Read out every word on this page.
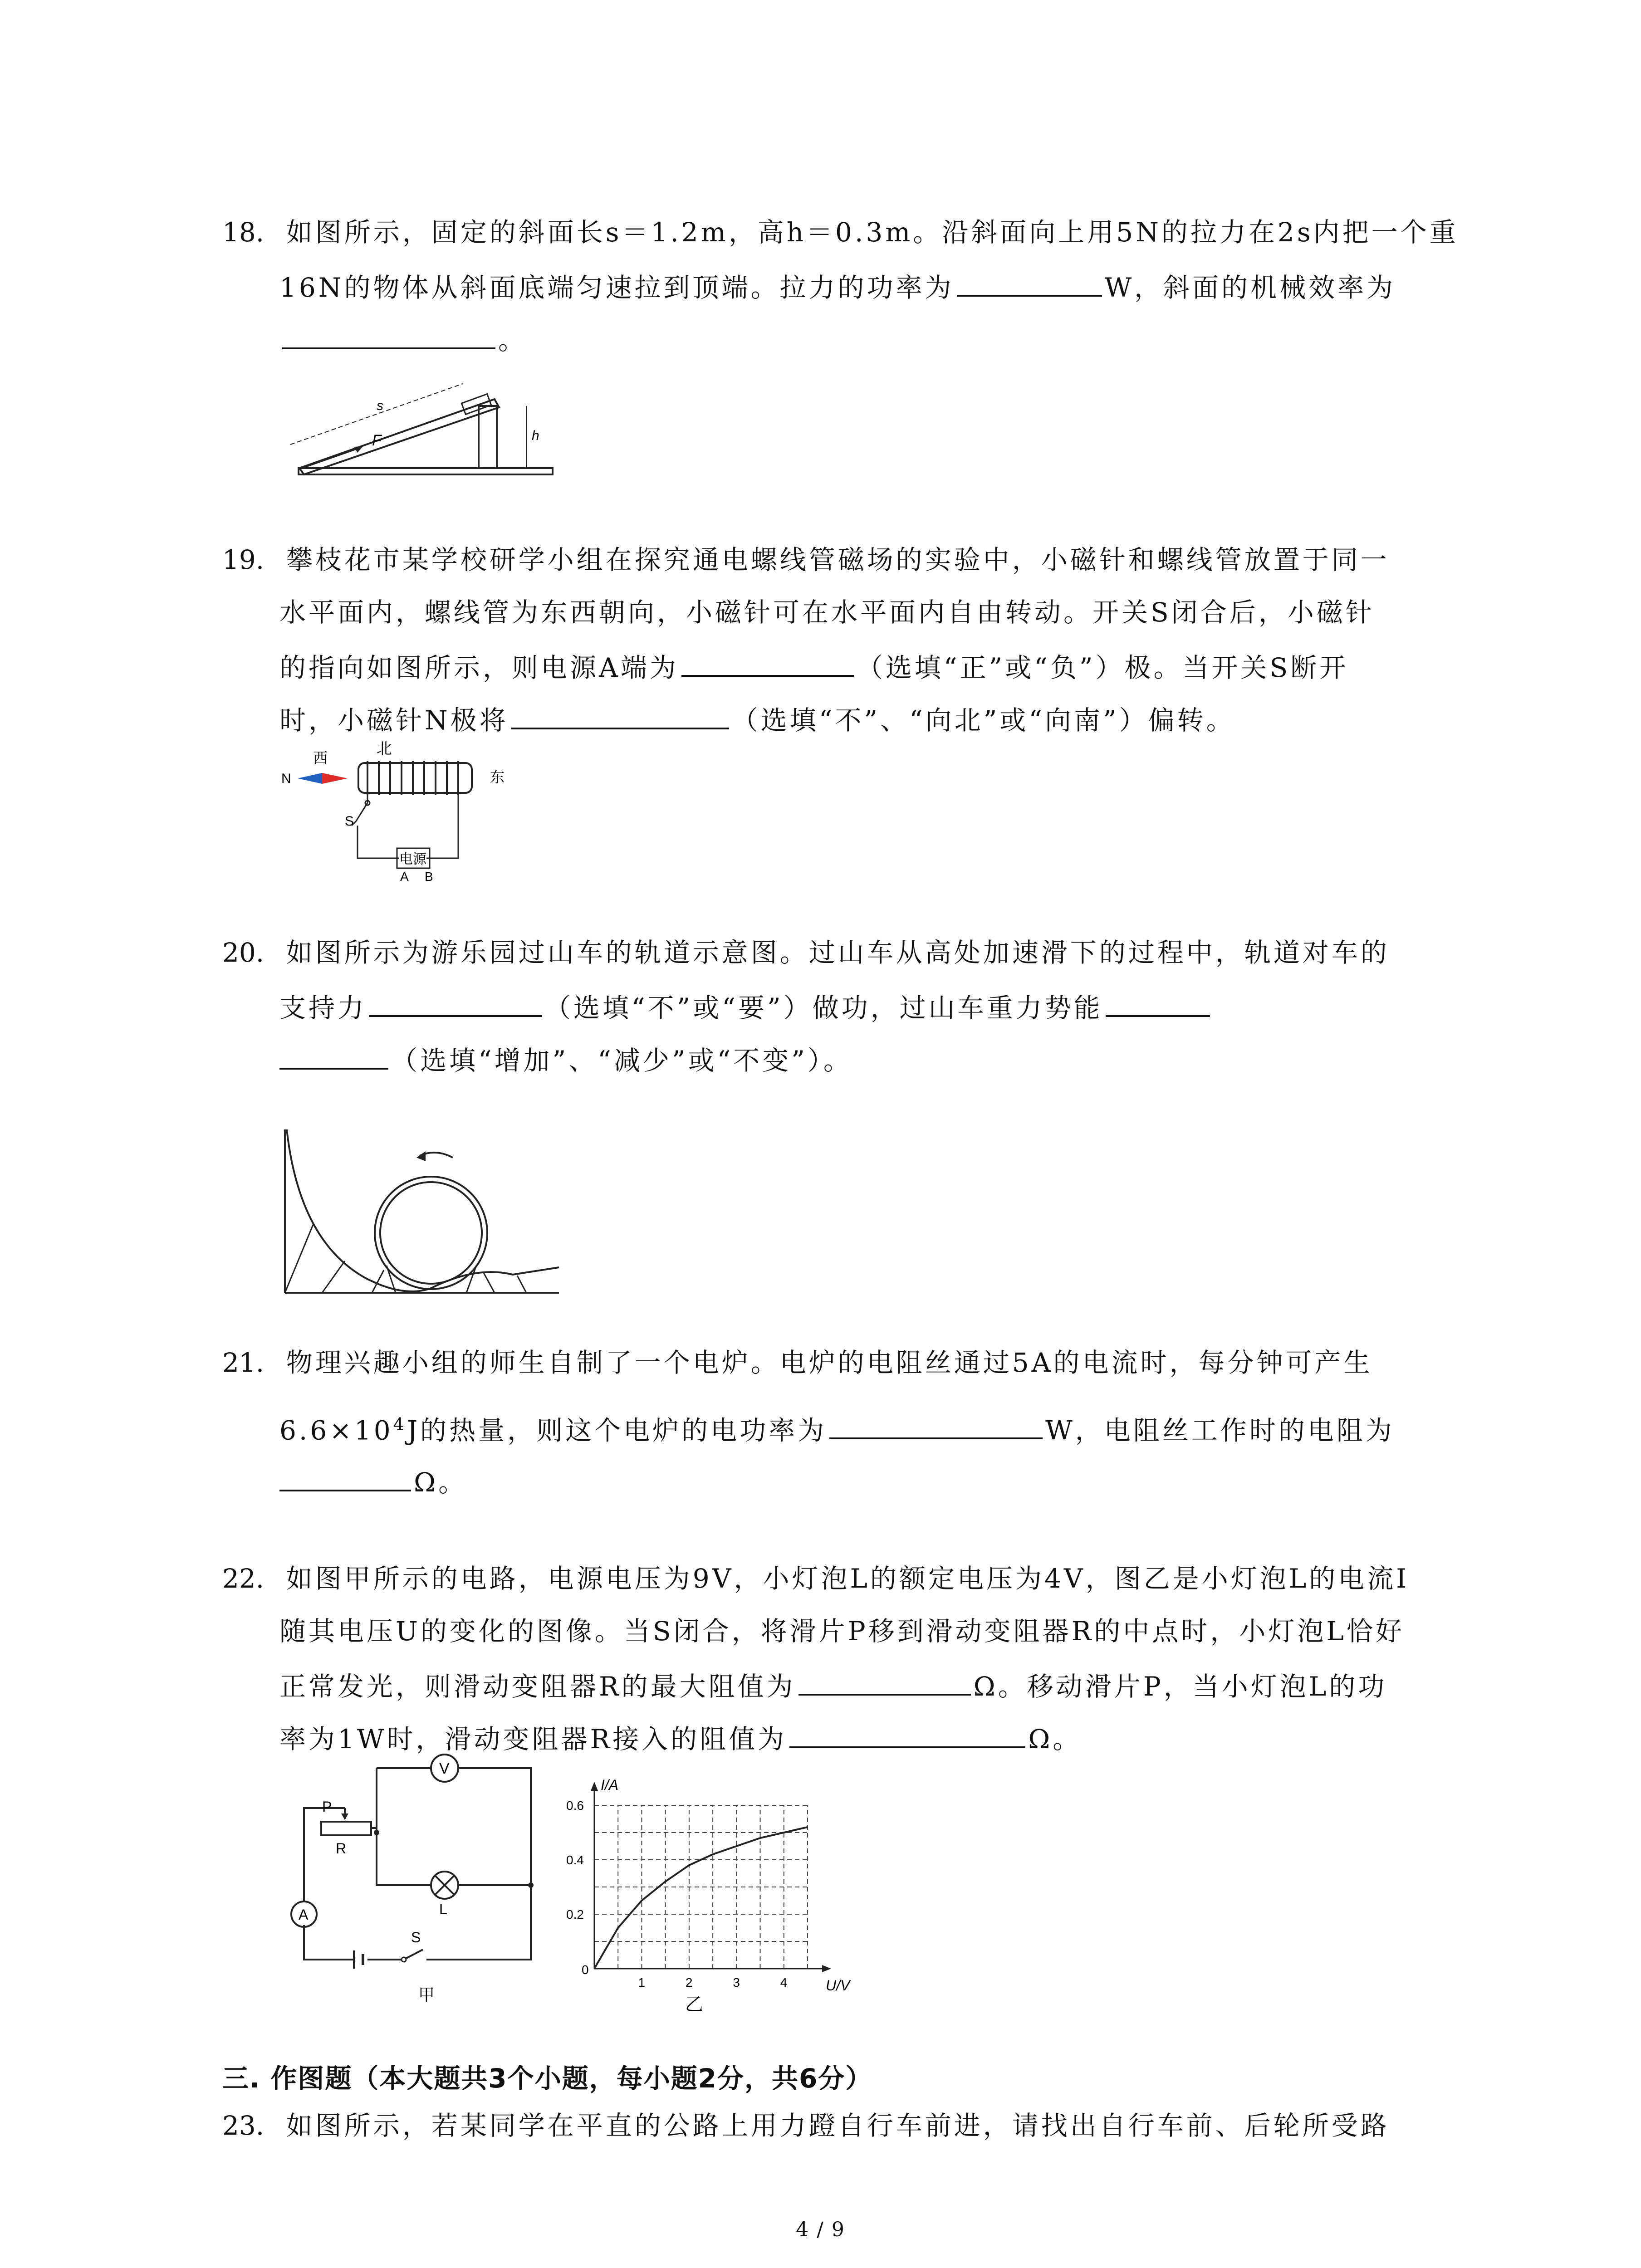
18. 如图所示，固定的斜面长s＝1.2m，高h＝0.3m。沿斜面向上用5N的拉力在2s内把一个重
16N的物体从斜面底端匀速拉到顶端。拉力的功率为	W，斜面的机械效率为
。
F
s
h
19. 攀枝花市某学校研学小组在探究通电螺线管磁场的实验中，小磁针和螺线管放置于同一
水平面内，螺线管为东西朝向，小磁针可在水平面内自由转动。开关S闭合后，小磁针
的指向如图所示，则电源A端为	（选填“正”或“负”）极。当开关S断开
时，小磁针N极将	（选填“不”、“向北”或“向南”）偏转。
北
西
N	东
S
电源
A B
20. 如图所示为游乐园过山车的轨道示意图。过山车从高处加速滑下的过程中，轨道对车的
支持力	（选填“不”或“要”）做功，过山车重力势能
（选填“增加”、“减少”或“不变”）。
21. 物理兴趣小组的师生自制了一个电炉。电炉的电阻丝通过5A的电流时，每分钟可产生
$6.6\times 10^4J$的热量，则这个电炉的电功率为	W，电阻丝工作时的电阻为
Ω。
22. 如图甲所示的电路，电源电压为9V，小灯泡L的额定电压为4V，图乙是小灯泡L的电流I
随其电压U的变化的图像。当S闭合，将滑片P移到滑动变阻器R的中点时，小灯泡L恰好
正常发光，则滑动变阻器R的最大阻值为	Ω。移动滑片P，当小灯泡L的功
率为1W时，滑动变阻器R接入的阻值为	Ω。
V
A
P
R
L
S
甲
1	2	3	4
0.2
0.4
0.6
0
I/A
U/V
乙
三. 作图题（本大题共3个小题，每小题2分，共6分）
23. 如图所示，若某同学在平直的公路上用力蹬自行车前进，请找出自行车前、后轮所受路
4 / 9
